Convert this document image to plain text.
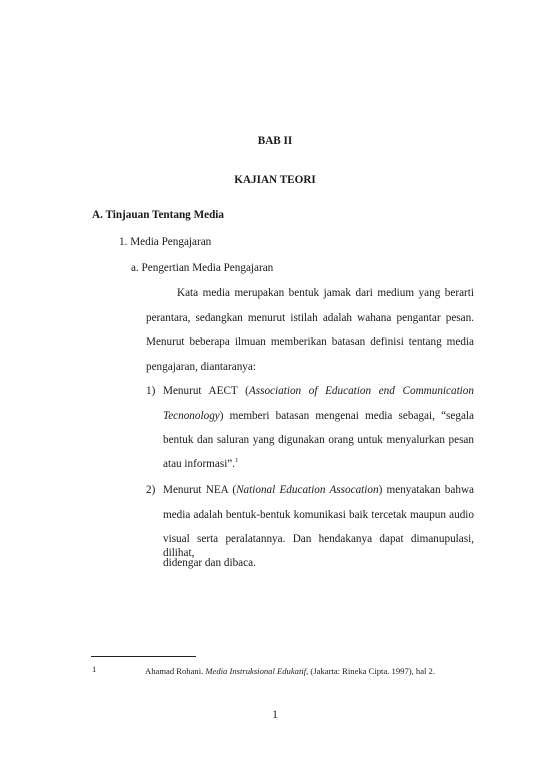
BAB II
KAJIAN TEORI
A. Tinjauan Tentang Media
1. Media Pengajaran
a. Pengertian Media Pengajaran
Kata media merupakan bentuk jamak dari medium yang berarti
perantara, sedangkan menurut istilah adalah wahana pengantar pesan.
Menurut beberapa ilmuan memberikan batasan definisi tentang media
pengajaran, diantaranya:
1) Menurut AECT (Association of Education end Communication
Tecnonology) memberi batasan mengenai media sebagai, “segala
bentuk dan saluran yang digunakan orang untuk menyalurkan pesan
atau informasi”.$^1$
2) Menurut NEA (National Education Assocation) menyatakan bahwa
media adalah bentuk-bentuk komunikasi baik tercetak maupun audio
visual serta peralatannya. Dan hendakanya dapat dimanupulasi, dilihat,
didengar dan dibaca.
1	Ahamad Rohani. Media Instruksional Edukatif, (Jakarta: Rineka Cipta. 1997), hal 2.
1
